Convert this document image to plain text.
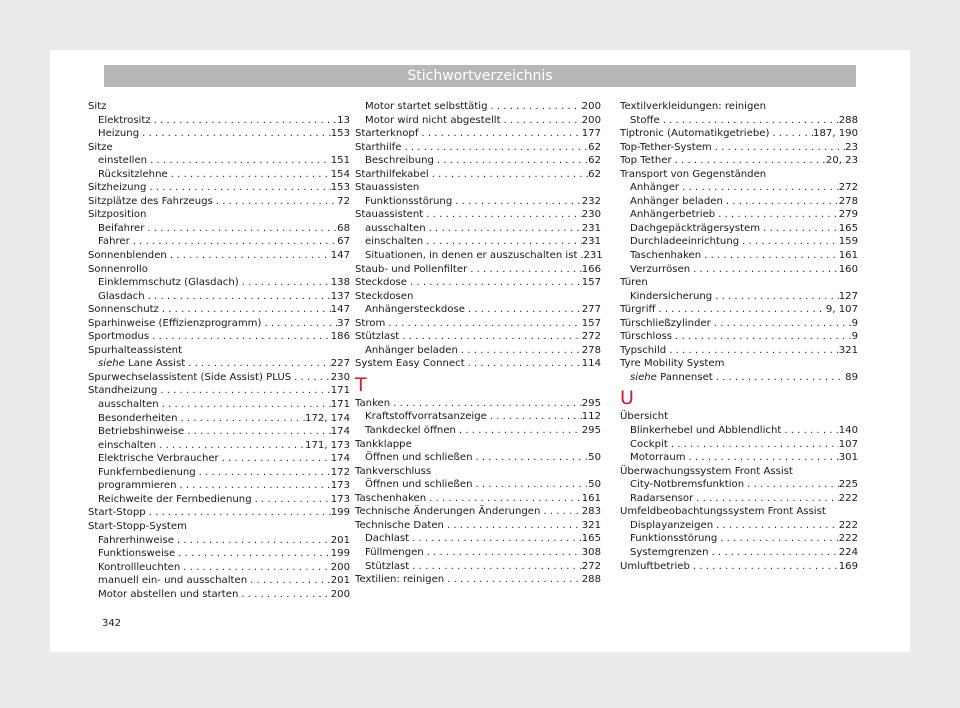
Stichwortverzeichnis
Sitz
Elektrositz . . .	13
Heizung . . .	153
Sitze
einstellen . . .	151
Rücksitzlehne . . .	154
Sitzheizung . . .	153
Sitzplätze des Fahrzeugs . . .	72
Sitzposition
Beifahrer . . .	68
Fahrer . . .	67
Sonnenblenden . . .	147
Sonnenrollo
Einklemmschutz (Glasdach) . . .	138
Glasdach . . .	137
Sonnenschutz . . .	147
Sparhinweise (Effizienzprogramm) . . .	37
Sportmodus . . .	186
Spurhalteassistent
siehe Lane Assist . . .	227
Spurwechselassistent (Side Assist) PLUS . . .	230
Standheizung . . .	171
ausschalten . . .	171
Besonderheiten . . .	172, 174
Betriebshinweise . . .	174
einschalten . . .	171, 173
Elektrische Verbraucher . . .	174
Funkfernbedienung . . .	172
programmieren . . .	173
Reichweite der Fernbedienung . . .	173
Start-Stopp . . .	199
Start-Stopp-System
Fahrerhinweise . . .	201
Funktionsweise . . .	199
Kontrollleuchten . . .	200
manuell ein- und ausschalten . . .	201
Motor abstellen und starten . . .	200
Motor startet selbsttätig . . .	200
Motor wird nicht abgestellt . . .	200
Starterknopf . . .	177
Starthilfe . . .	62
Beschreibung . . .	62
Starthilfekabel . . .	62
Stauassisten
Funktionsstörung . . .	232
Stauassistent . . .	230
ausschalten . . .	231
einschalten . . .	231
Situationen, in denen er auszuschalten ist . . . 231
Staub- und Pollenfilter . . .	166
Steckdose . . .	157
Steckdosen
Anhängersteckdose . . .	277
Strom . . .	157
Stützlast . . .	272
Anhänger beladen . . .	278
System Easy Connect . . .	114
T
Tanken . . .	295
Kraftstoffvorratsanzeige . . .	112
Tankdeckel öffnen . . .	295
Tankklappe
Öffnen und schließen . . .	50
Tankverschluss
Öffnen und schließen . . .	50
Taschenhaken . . .	161
Technische Änderungen Änderungen . . .	283
Technische Daten . . .	321
Dachlast . . .	165
Füllmengen . . .	308
Stützlast . . .	272
Textilien: reinigen . . .	288
Textilverkleidungen: reinigen
Stoffe . . .	288
Tiptronic (Automatikgetriebe) . . .	187, 190
Top-Tether-System . . .	23
Top Tether . . .	20, 23
Transport von Gegenständen
Anhänger . . .	272
Anhänger beladen . . .	278
Anhängerbetrieb . . .	279
Dachgepäckträgersystem . . .	165
Durchladeeinrichtung . . .	159
Taschenhaken . . .	161
Verzurrösen . . .	160
Türen
Kindersicherung . . .	127
Türgriff . . .	9, 107
Türschließzylinder . . .	9
Türschloss . . .	9
Typschild . . .	321
Tyre Mobility System
siehe Pannenset . . .	89
U
Übersicht
Blinkerhebel und Abblendlicht . . .	140
Cockpit . . .	107
Motorraum . . .	301
Überwachungssystem Front Assist
City-Notbremsfunktion . . .	225
Radarsensor . . .	222
Umfeldbeobachtungssystem Front Assist
Displayanzeigen . . .	222
Funktionsstörung . . .	222
Systemgrenzen . . .	224
Umluftbetrieb . . .	169
342
